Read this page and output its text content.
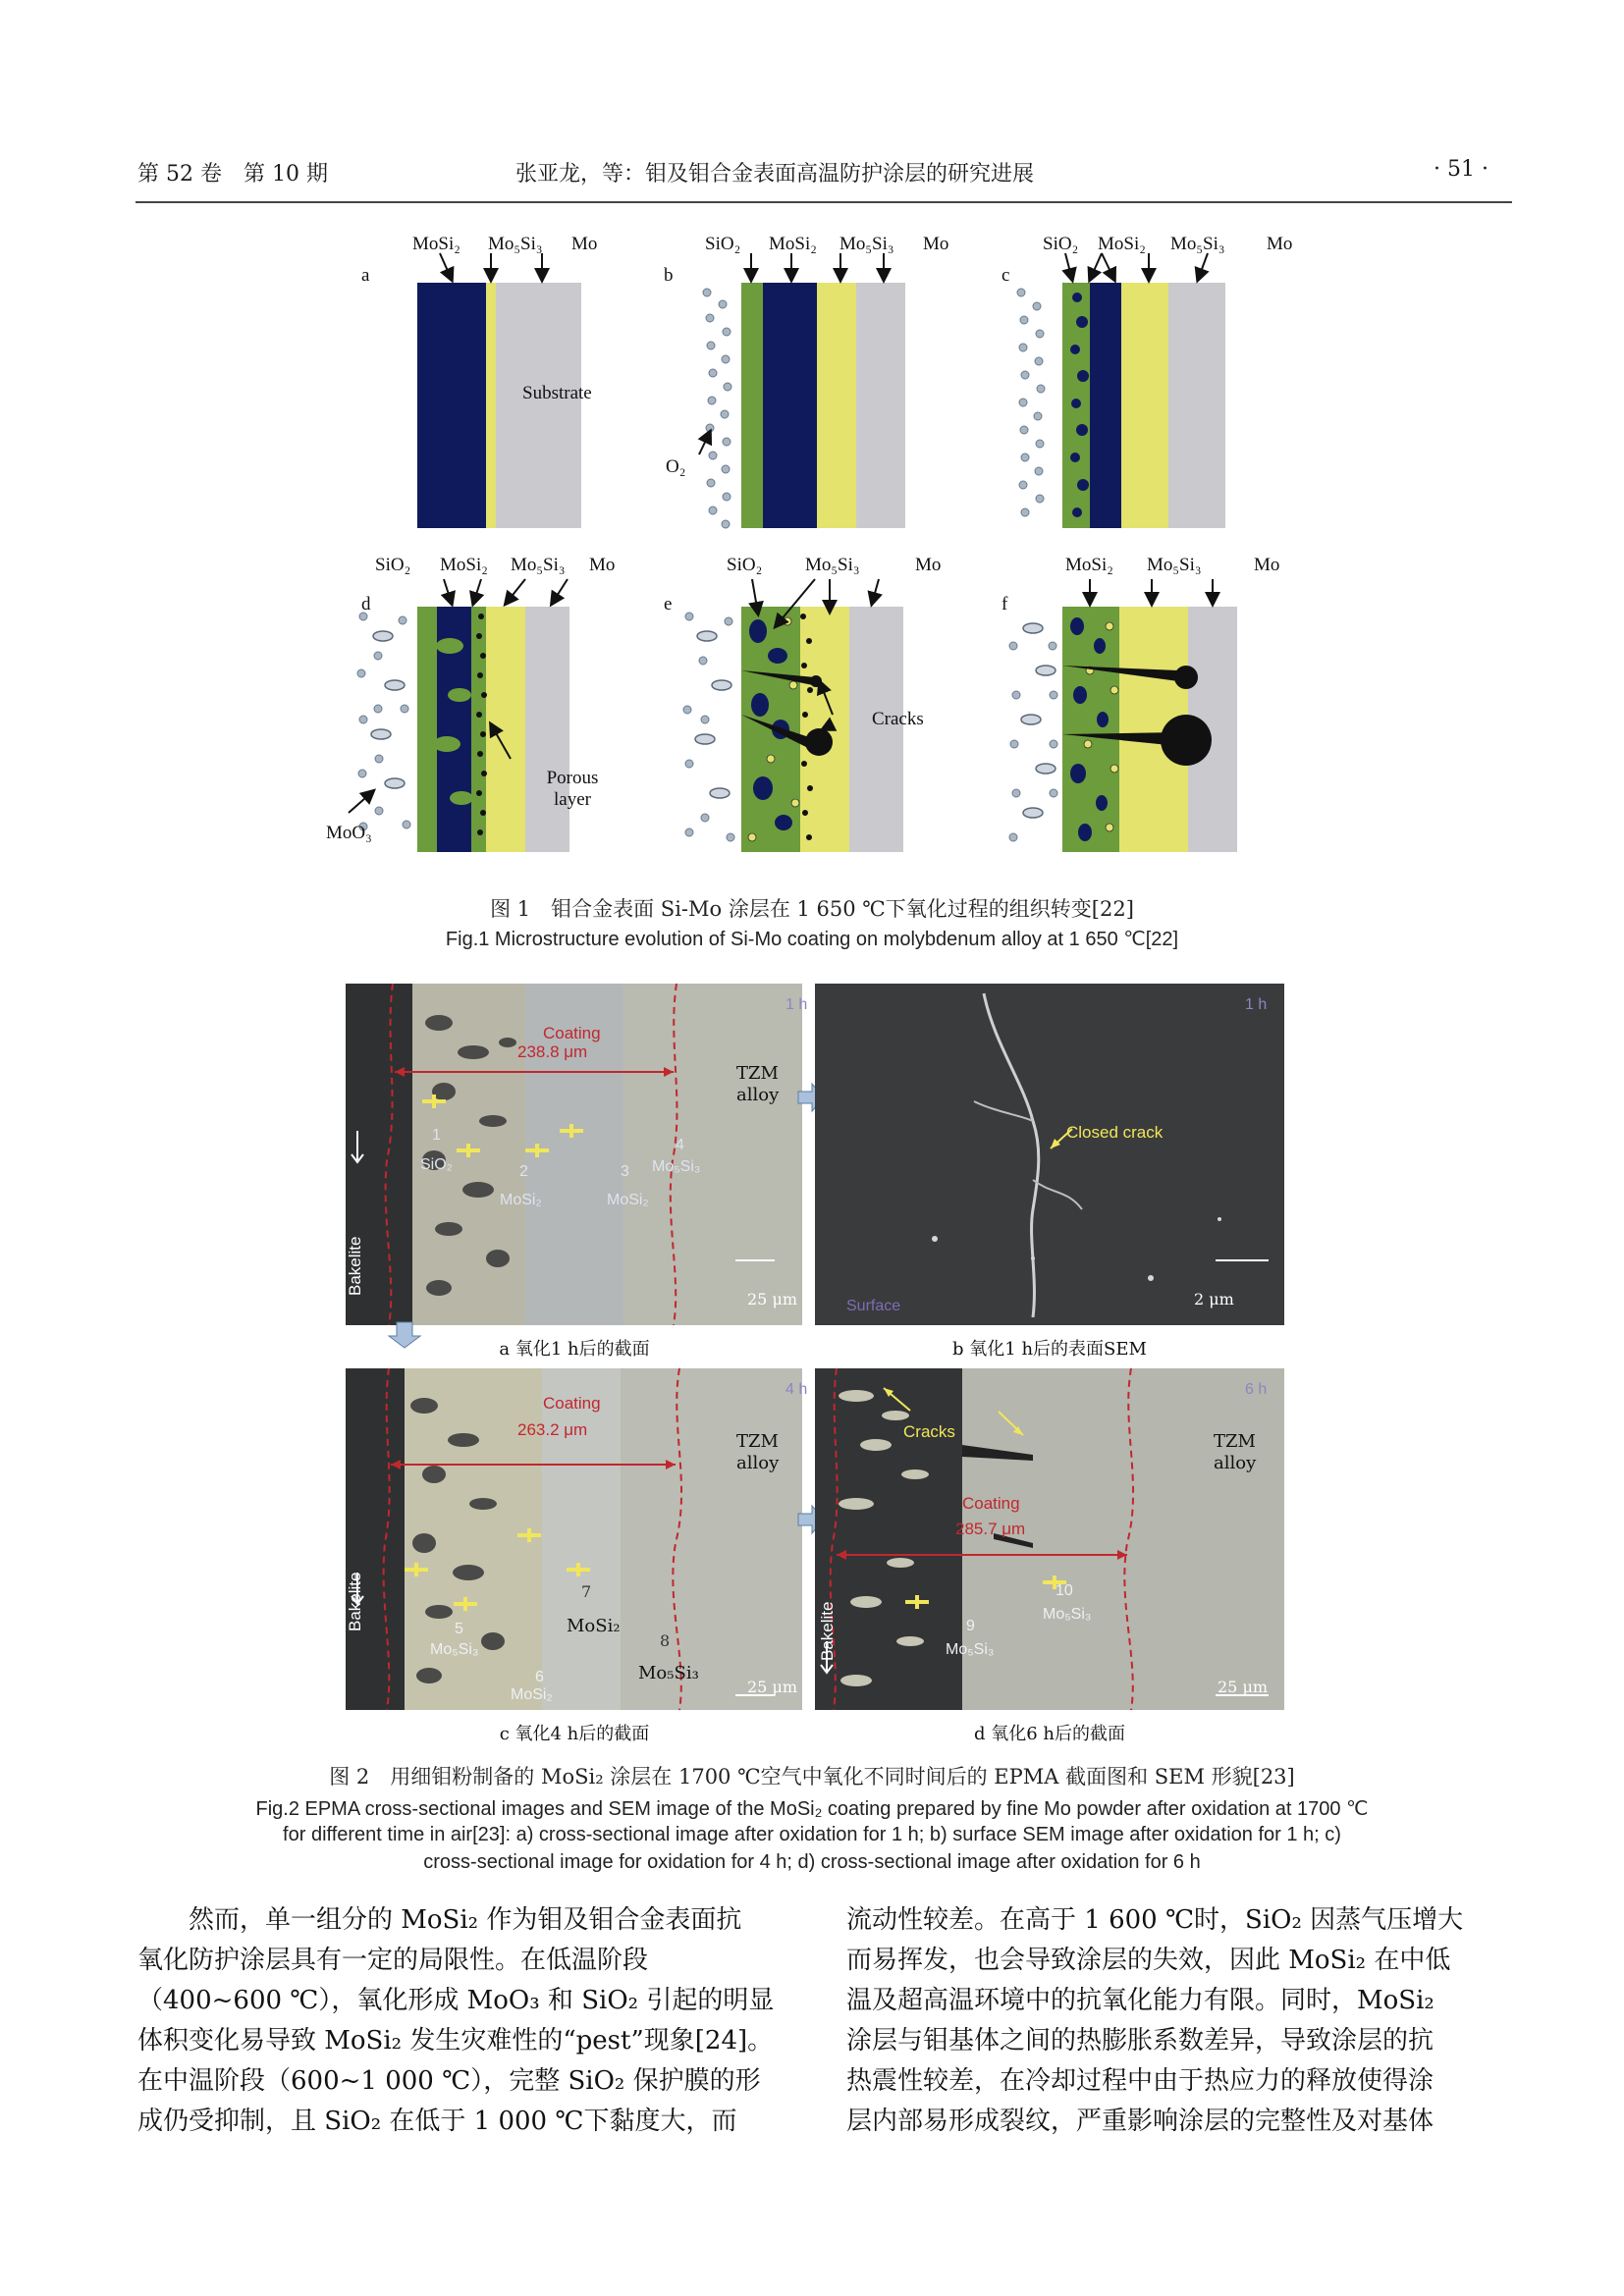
第 52 卷　第 10 期	张亚龙，等：钼及钼合金表面高温防护涂层的研究进展	· 51 ·
a
MoSi₂ Mo₅Si₃ Mo
Substrate
b
SiO₂ MoSi₂ Mo₅Si₃ Mo
O₂
c
SiO₂ MoSi₂ Mo₅Si₃ Mo
d
SiO₂ MoSi₂ Mo₅Si₃ Mo
Porous layer
MoO₃
e
SiO₂ Mo₅Si₃	Mo
Cracks
f
MoSi₂ Mo₅Si₃	Mo
图 1　钼合金表面 Si-Mo 涂层在 1 650 ℃下氧化过程的组织转变[22]
Fig.1 Microstructure evolution of Si-Mo coating on molybdenum alloy at 1 650 ℃[22]
1 h
Coating
238.8 μm
TZM alloy
1
SiO₂	2
MoSi₂
3
MoSi₂
4
Mo₅Si₃
Bakelite
25 μm
a 氧化1 h后的截面
1 h
Closed crack
Surface	2 μm
b 氧化1 h后的表面SEM
4 h
Coating
263.2 μm
TZM alloy
5
Mo₅Si₃
6
MoSi₂
7
MoSi₂
8
Mo₅Si₃
Bakelite
25 μm
c 氧化4 h后的截面
6 h
Cracks
Coating
285.7 μm
TZM alloy
9
Mo₅Si₃
10
Mo₅Si₃
Bakelite
25 μm
d 氧化6 h后的截面
图 2　用细钼粉制备的 MoSi₂ 涂层在 1700 ℃空气中氧化不同时间后的 EPMA 截面图和 SEM 形貌[23]
Fig.2 EPMA cross-sectional images and SEM image of the MoSi₂ coating prepared by fine Mo powder after oxidation at 1700 ℃
for different time in air[23]: a) cross-sectional image after oxidation for 1 h; b) surface SEM image after oxidation for 1 h; c)
cross-sectional image for oxidation for 4 h; d) cross-sectional image after oxidation for 6 h
然而，单一组分的 MoSi₂ 作为钼及钼合金表面抗
氧化防护涂层具有一定的局限性。在低温阶段
（400~600 ℃），氧化形成 MoO₃ 和 SiO₂ 引起的明显
体积变化易导致 MoSi₂ 发生灾难性的“pest”现象[24]。
在中温阶段（600~1 000 ℃），完整 SiO₂ 保护膜的形
成仍受抑制，且 SiO₂ 在低于 1 000 ℃下黏度大，而
流动性较差。在高于 1 600 ℃时，SiO₂ 因蒸气压增大
而易挥发，也会导致涂层的失效，因此 MoSi₂ 在中低
温及超高温环境中的抗氧化能力有限。同时，MoSi₂
涂层与钼基体之间的热膨胀系数差异，导致涂层的抗
热震性较差，在冷却过程中由于热应力的释放使得涂
层内部易形成裂纹，严重影响涂层的完整性及对基体
